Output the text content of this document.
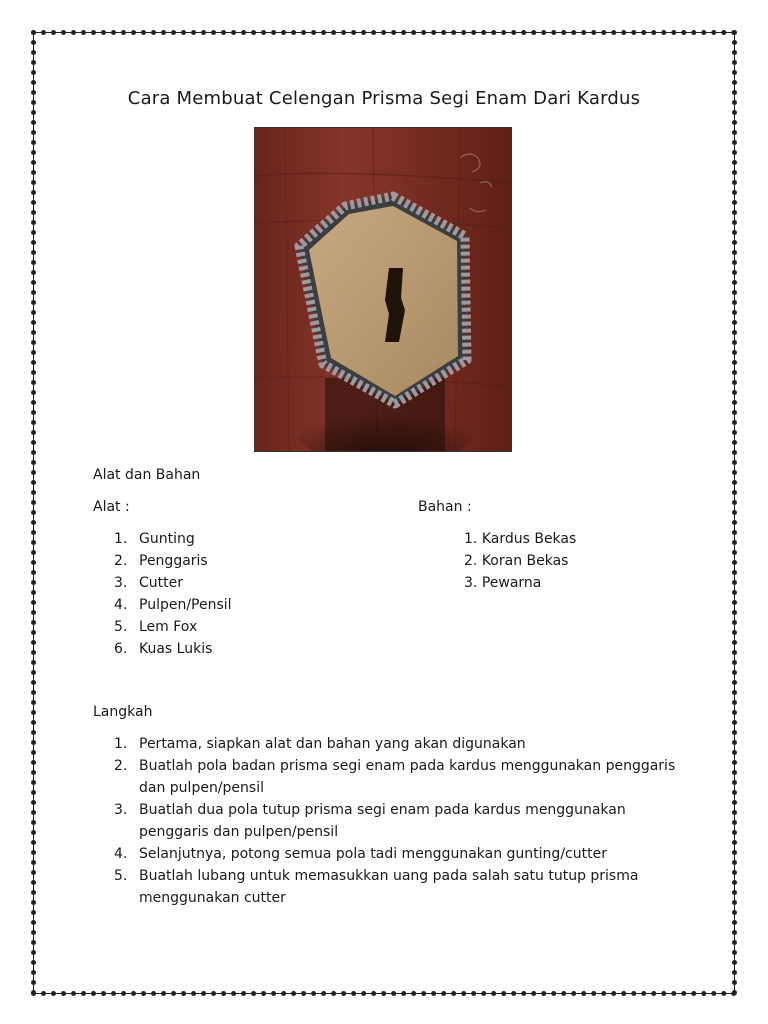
Cara Membuat Celengan Prisma Segi Enam Dari Kardus
Alat dan Bahan
Alat :	Bahan :
1. Gunting
2. Penggaris
3. Cutter
4. Pulpen/Pensil
5. Lem Fox
6. Kuas Lukis
1. Kardus Bekas
2. Koran Bekas
3. Pewarna
Langkah
1. Pertama, siapkan alat dan bahan yang akan digunakan
2. Buatlah pola badan prisma segi enam pada kardus menggunakan penggaris dan pulpen/pensil
3. Buatlah dua pola tutup prisma segi enam pada kardus menggunakan penggaris dan pulpen/pensil
4. Selanjutnya, potong semua pola tadi menggunakan gunting/cutter
5. Buatlah lubang untuk memasukkan uang pada salah satu tutup prisma menggunakan cutter
